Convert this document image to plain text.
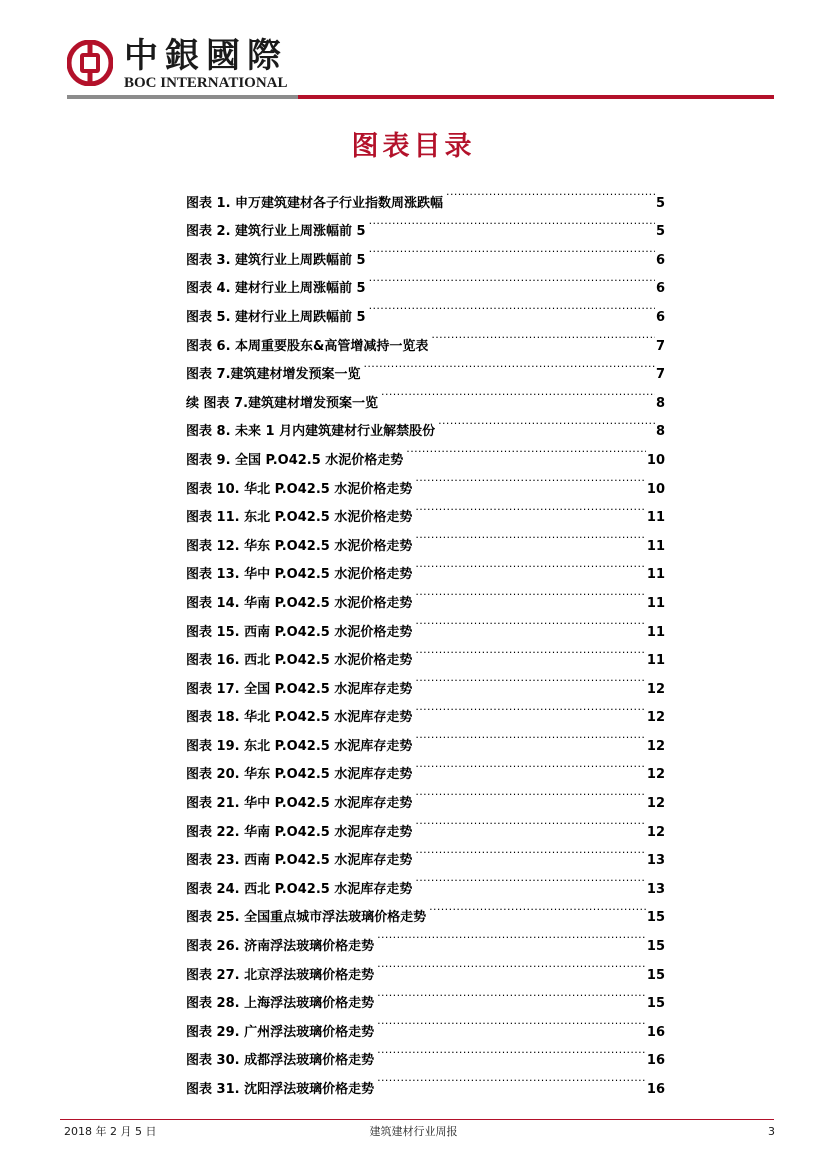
中銀國際
BOC INTERNATIONAL
图表目录
图表 1. 申万建筑建材各子行业指数周涨跌幅 .....	5
图表 2. 建筑行业上周涨幅前 5 .....	5
图表 3. 建筑行业上周跌幅前 5 .....	6
图表 4. 建材行业上周涨幅前 5 .....	6
图表 5. 建材行业上周跌幅前 5 .....	6
图表 6. 本周重要股东&高管增减持一览表 .....	7
图表 7.建筑建材增发预案一览 .....	7
续 图表 7.建筑建材增发预案一览 .....	8
图表 8. 未来 1 月内建筑建材行业解禁股份 .....	8
图表 9. 全国 P.O42.5 水泥价格走势 .....	10
图表 10. 华北 P.O42.5 水泥价格走势 .....	10
图表 11. 东北 P.O42.5 水泥价格走势 .....	11
图表 12. 华东 P.O42.5 水泥价格走势 .....	11
图表 13. 华中 P.O42.5 水泥价格走势 .....	11
图表 14. 华南 P.O42.5 水泥价格走势 .....	11
图表 15. 西南 P.O42.5 水泥价格走势 .....	11
图表 16. 西北 P.O42.5 水泥价格走势 .....	11
图表 17. 全国 P.O42.5 水泥库存走势 .....	12
图表 18. 华北 P.O42.5 水泥库存走势 .....	12
图表 19. 东北 P.O42.5 水泥库存走势 .....	12
图表 20. 华东 P.O42.5 水泥库存走势 .....	12
图表 21. 华中 P.O42.5 水泥库存走势 .....	12
图表 22. 华南 P.O42.5 水泥库存走势 .....	12
图表 23. 西南 P.O42.5 水泥库存走势 .....	13
图表 24. 西北 P.O42.5 水泥库存走势 .....	13
图表 25. 全国重点城市浮法玻璃价格走势 .....	15
图表 26. 济南浮法玻璃价格走势 .....	15
图表 27. 北京浮法玻璃价格走势 .....	15
图表 28. 上海浮法玻璃价格走势 .....	15
图表 29. 广州浮法玻璃价格走势 .....	16
图表 30. 成都浮法玻璃价格走势 .....	16
图表 31. 沈阳浮法玻璃价格走势 .....	16
2018 年 2 月 5 日	建筑建材行业周报	3
